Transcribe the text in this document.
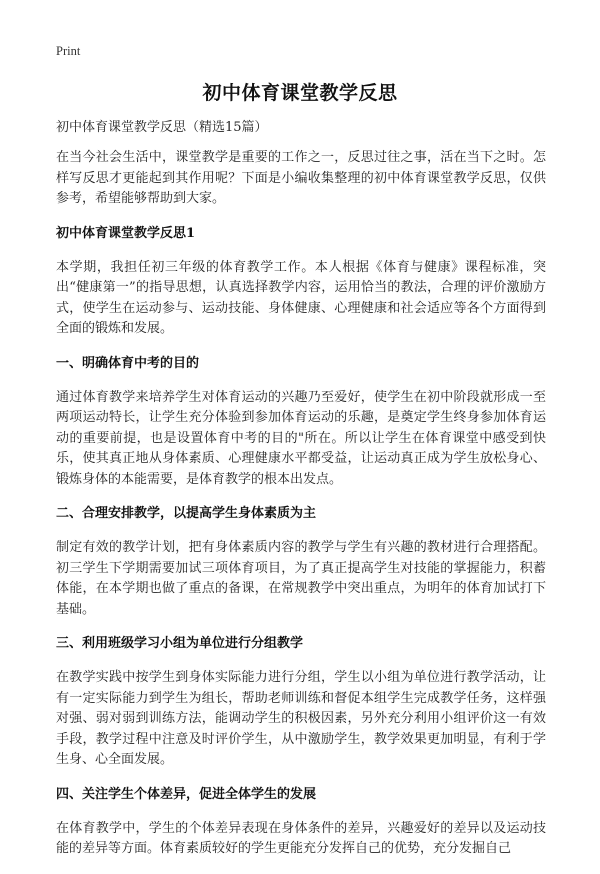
Print
初中体育课堂教学反思

初中体育课堂教学反思（精选15篇）

在当今社会生活中，课堂教学是重要的工作之一，反思过往之事，活在当下之时。怎样写反思才更能起到其作用呢？下面是小编收集整理的初中体育课堂教学反思，仅供参考，希望能够帮助到大家。

初中体育课堂教学反思1

本学期，我担任初三年级的体育教学工作。本人根据《体育与健康》课程标准，突出“健康第一”的指导思想，认真选择教学内容，运用恰当的教法，合理的评价激励方式，使学生在运动参与、运动技能、身体健康、心理健康和社会适应等各个方面得到全面的锻炼和发展。

一、明确体育中考的目的

通过体育教学来培养学生对体育运动的兴趣乃至爱好，使学生在初中阶段就形成一至两项运动特长，让学生充分体验到参加体育运动的乐趣，是奠定学生终身参加体育运动的重要前提，也是设置体育中考的目的"所在。所以让学生在体育课堂中感受到快乐，使其真正地从身体素质、心理健康水平都受益，让运动真正成为学生放松身心、锻炼身体的本能需要，是体育教学的根本出发点。

二、合理安排教学，以提高学生身体素质为主

制定有效的教学计划，把有身体素质内容的教学与学生有兴趣的教材进行合理搭配。初三学生下学期需要加试三项体育项目，为了真正提高学生对技能的掌握能力，积蓄体能，在本学期也做了重点的备课，在常规教学中突出重点，为明年的体育加试打下基础。

三、利用班级学习小组为单位进行分组教学

在教学实践中按学生到身体实际能力进行分组，学生以小组为单位进行教学活动，让有一定实际能力到学生为组长，帮助老师训练和督促本组学生完成教学任务，这样强对强、弱对弱到训练方法，能调动学生的积极因素，另外充分利用小组评价这一有效手段，教学过程中注意及时评价学生，从中激励学生，教学效果更加明显，有利于学生身、心全面发展。

四、关注学生个体差异，促进全体学生的发展

在体育教学中，学生的个体差异表现在身体条件的差异，兴趣爱好的差异以及运动技能的差异等方面。体育素质较好的学生更能充分发挥自己的优势，充分发掘自己
